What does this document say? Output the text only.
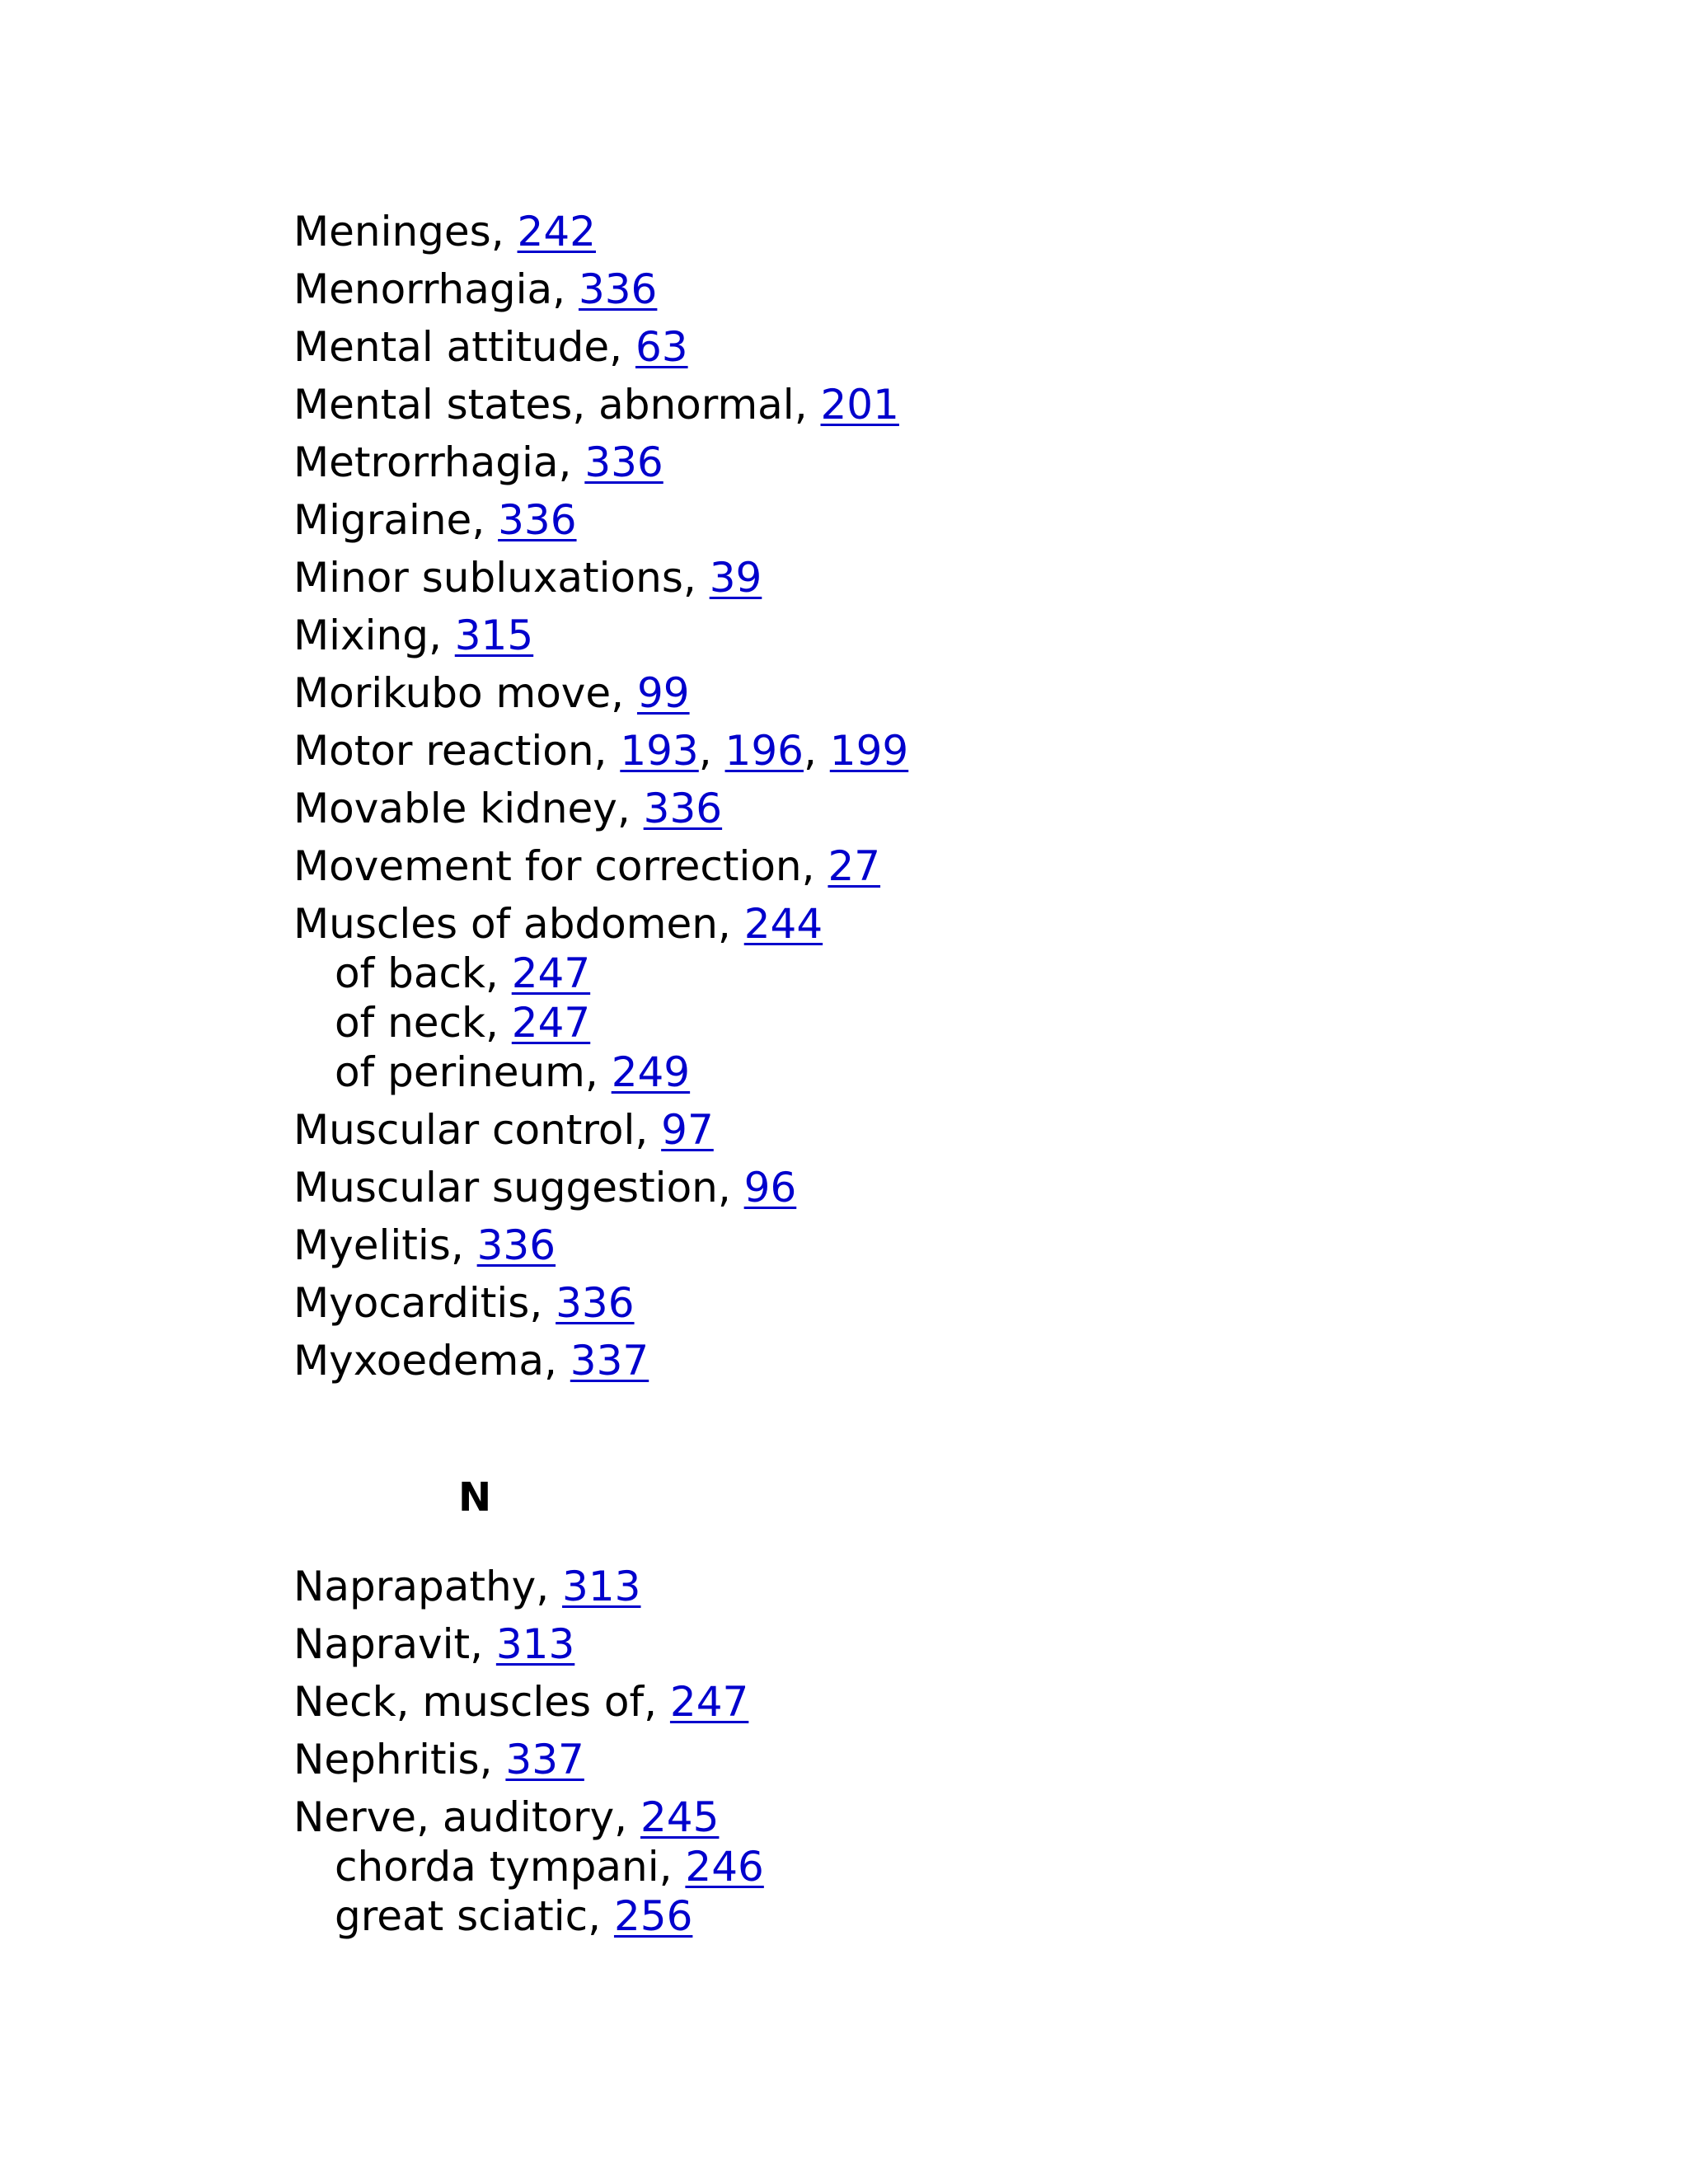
Meninges, 242
Menorrhagia, 336
Mental attitude, 63
Mental states, abnormal, 201
Metrorrhagia, 336
Migraine, 336
Minor subluxations, 39
Mixing, 315
Morikubo move, 99
Motor reaction, 193, 196, 199
Movable kidney, 336
Movement for correction, 27
Muscles of abdomen, 244
of back, 247
of neck, 247
of perineum, 249
Muscular control, 97
Muscular suggestion, 96
Myelitis, 336
Myocarditis, 336
Myxoedema, 337
N
Naprapathy, 313
Napravit, 313
Neck, muscles of, 247
Nephritis, 337
Nerve, auditory, 245
chorda tympani, 246
great sciatic, 256
